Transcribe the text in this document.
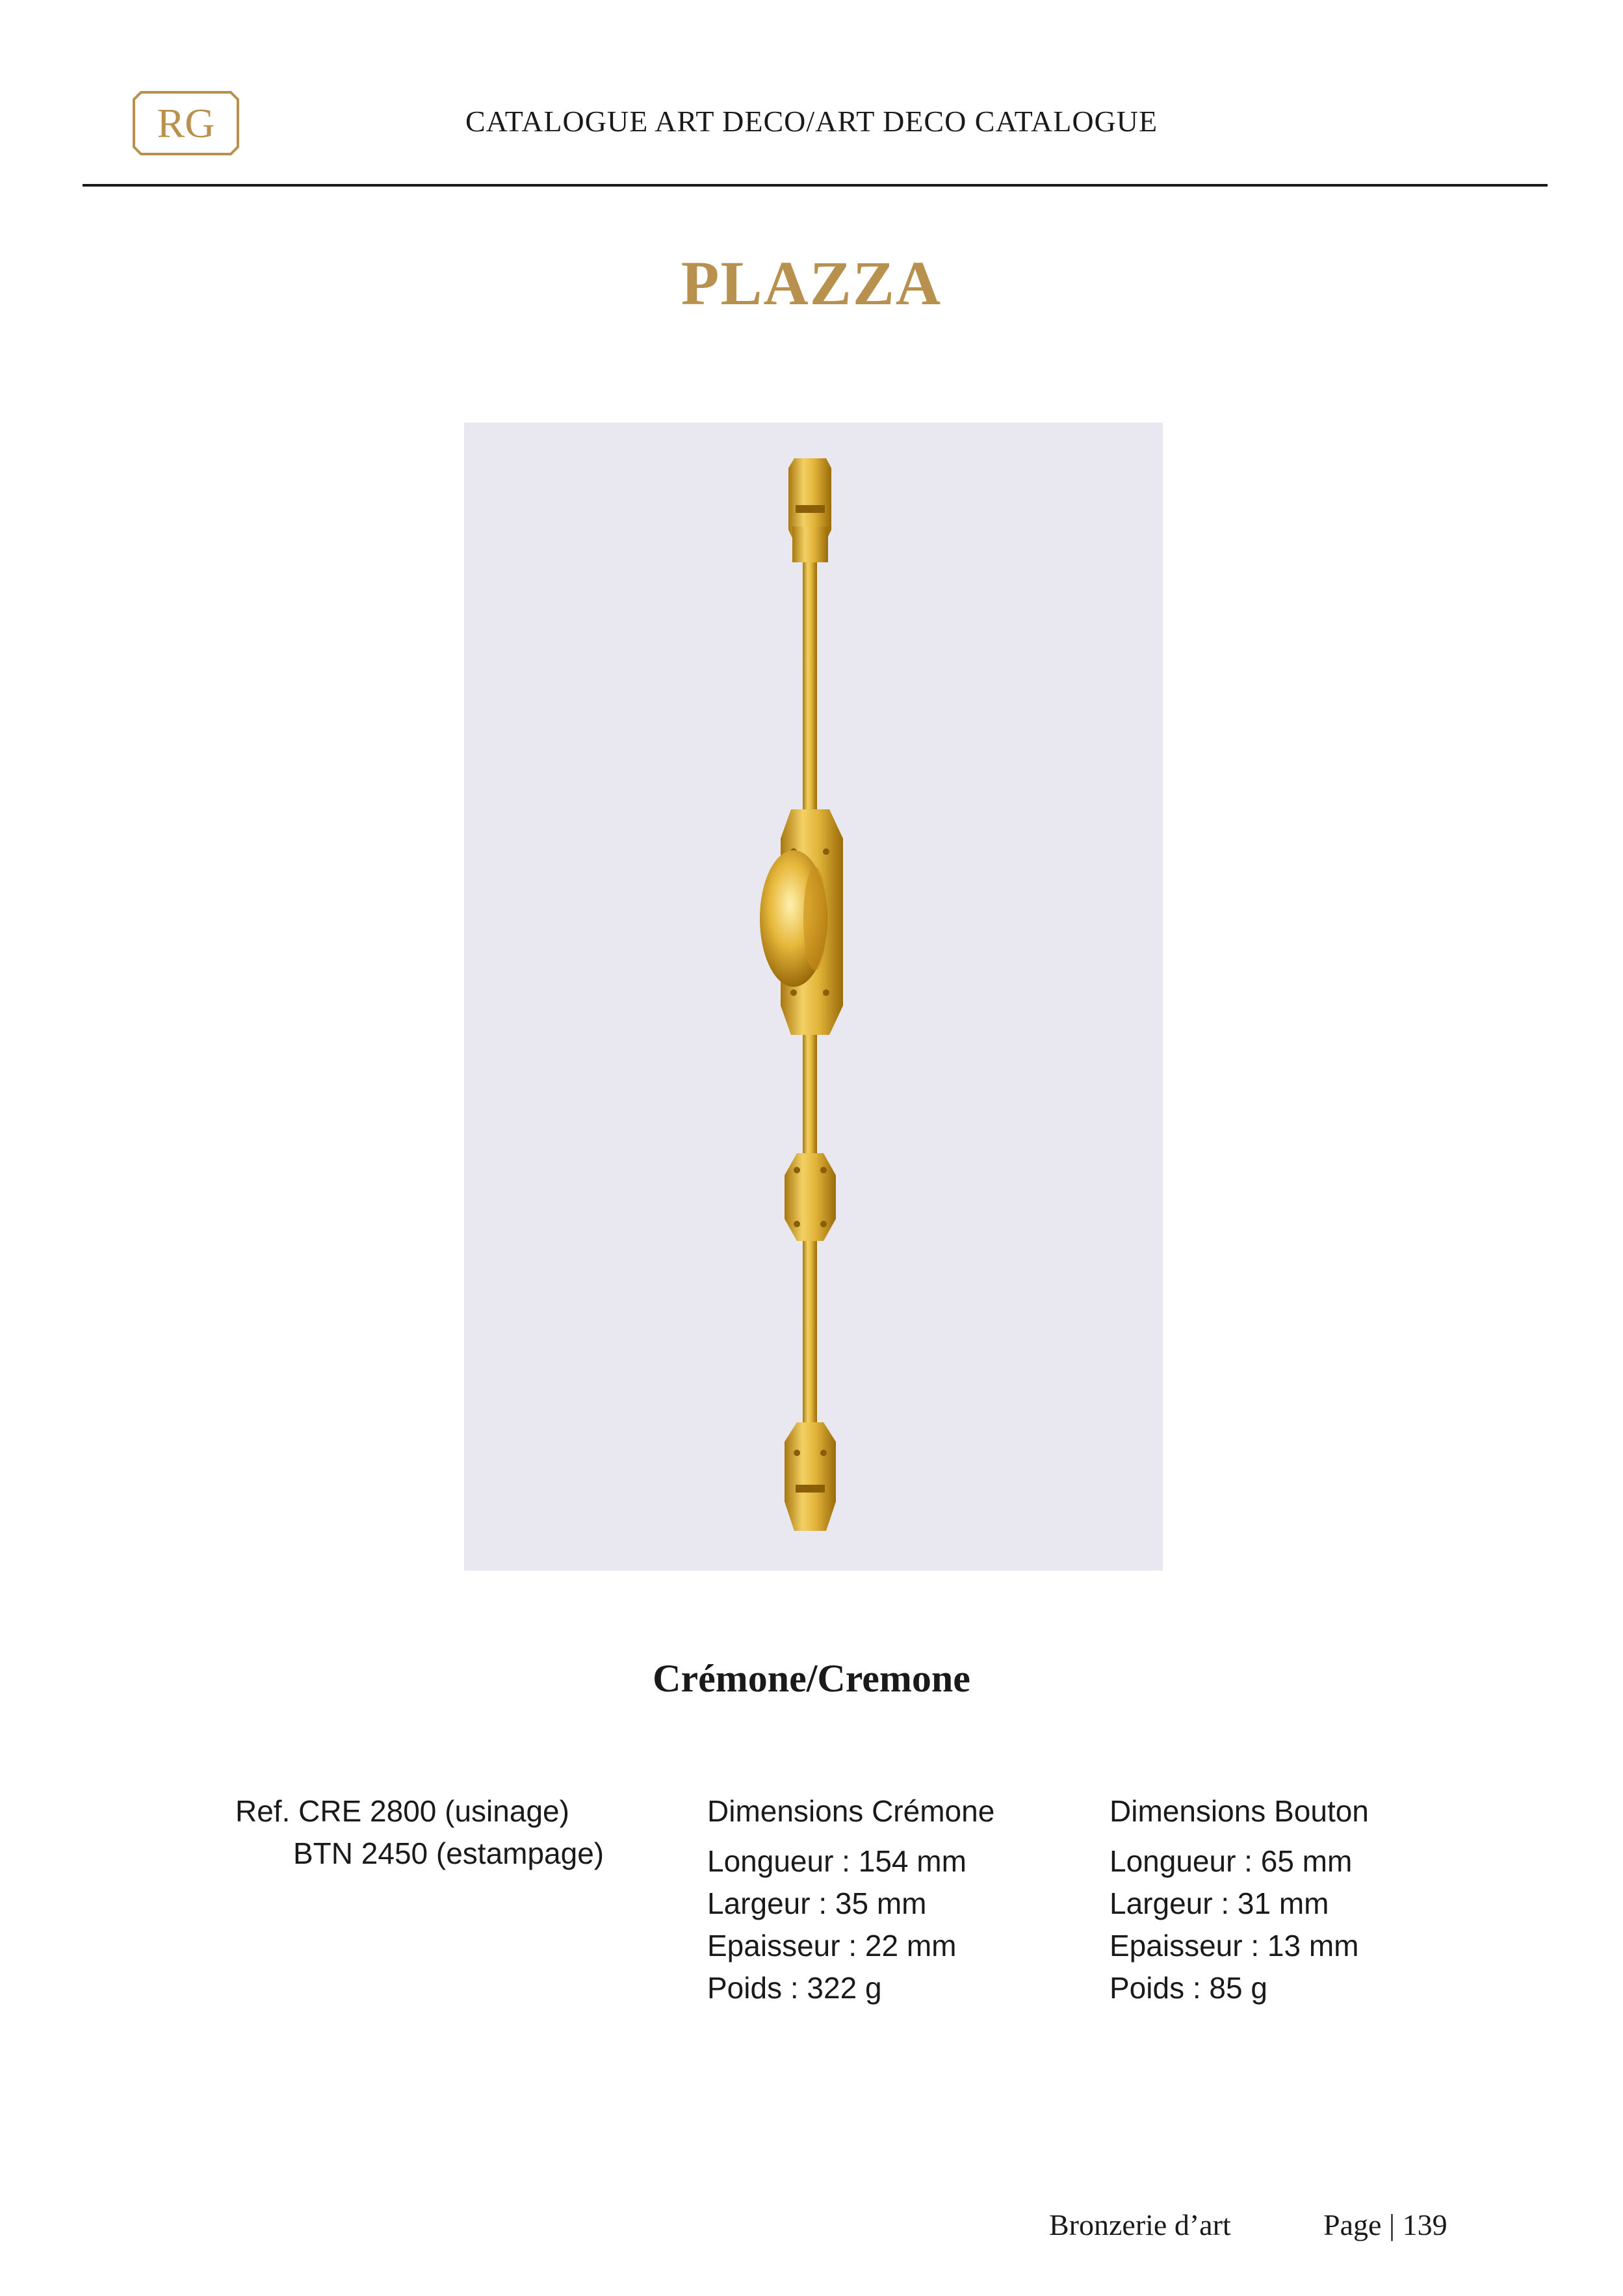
RG	CATALOGUE ART DECO/ART DECO CATALOGUE
PLAZZA
Crémone/Cremone
Ref. CRE 2800 (usinage)
BTN 2450 (estampage)
Dimensions Crémone
Longueur : 154 mm
Largeur : 35 mm
Epaisseur : 22 mm
Poids : 322 g
Dimensions Bouton
Longueur : 65 mm
Largeur : 31 mm
Epaisseur : 13 mm
Poids : 85 g
Bronzerie d’art	Page | 139
